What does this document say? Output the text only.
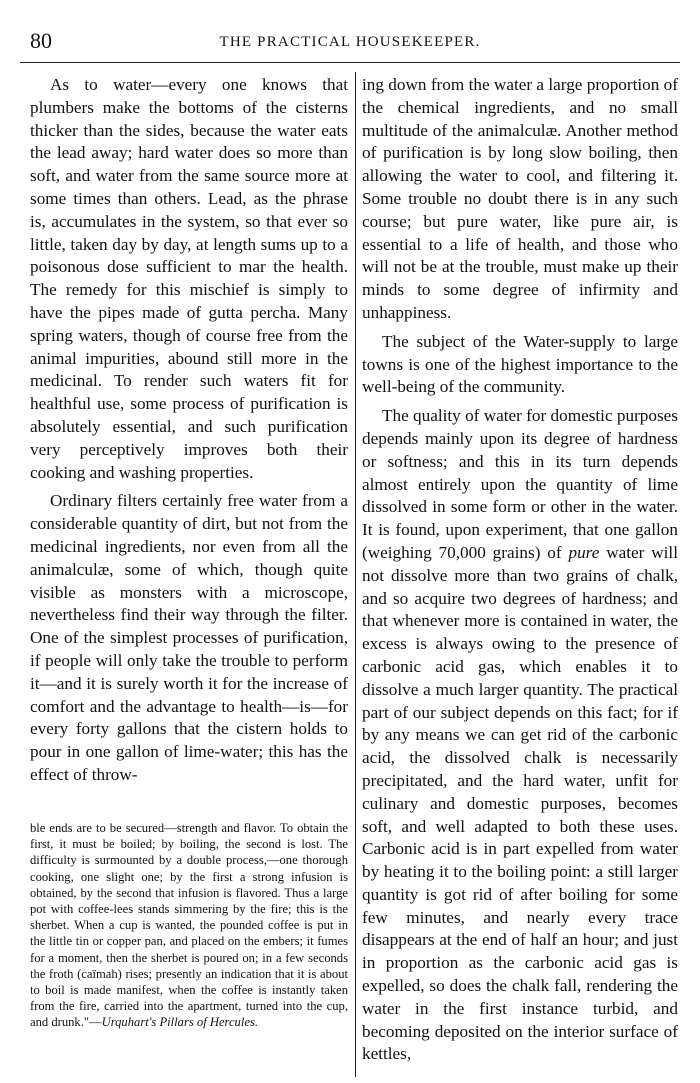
80	THE PRACTICAL HOUSEKEEPER.

As to water—every one knows that plumbers make the bottoms of the cisterns thicker than the sides, because the water eats the lead away; hard water does so more than soft, and water from the same source more at some times than others. Lead, as the phrase is, accumulates in the system, so that ever so little, taken day by day, at length sums up to a poisonous dose sufficient to mar the health. The remedy for this mischief is simply to have the pipes made of gutta percha. Many spring waters, though of course free from the animal impurities, abound still more in the medicinal. To render such waters fit for healthful use, some process of purification is absolutely essential, and such purification very perceptively improves both their cooking and washing properties.

Ordinary filters certainly free water from a considerable quantity of dirt, but not from the medicinal ingredients, nor even from all the animalculæ, some of which, though quite visible as monsters with a microscope, nevertheless find their way through the filter. One of the simplest processes of purification, if people will only take the trouble to perform it—and it is surely worth it for the increase of comfort and the advantage to health—is—for every forty gallons that the cistern holds to pour in one gallon of lime-water; this has the effect of throw-

ble ends are to be secured—strength and flavor. To obtain the first, it must be boiled; by boiling, the second is lost. The difficulty is surmounted by a double process,—one thorough cooking, one slight one; by the first a strong infusion is obtained, by the second that infusion is flavored. Thus a large pot with coffee-lees stands simmering by the fire; this is the sherbet. When a cup is wanted, the pounded coffee is put in the little tin or copper pan, and placed on the embers; it fumes for a moment, then the sherbet is poured on; in a few seconds the froth (caïmah) rises; presently an indication that it is about to boil is made manifest, when the coffee is instantly taken from the fire, carried into the apartment, turned into the cup, and drunk."—Urquhart's Pillars of Hercules.

ing down from the water a large proportion of the chemical ingredients, and no small multitude of the animalculæ. Another method of purification is by long slow boiling, then allowing the water to cool, and filtering it. Some trouble no doubt there is in any such course; but pure water, like pure air, is essential to a life of health, and those who will not be at the trouble, must make up their minds to some degree of infirmity and unhappiness.

The subject of the Water-supply to large towns is one of the highest importance to the well-being of the community.

The quality of water for domestic purposes depends mainly upon its degree of hardness or softness; and this in its turn depends almost entirely upon the quantity of lime dissolved in some form or other in the water. It is found, upon experiment, that one gallon (weighing 70,000 grains) of pure water will not dissolve more than two grains of chalk, and so acquire two degrees of hardness; and that whenever more is contained in water, the excess is always owing to the presence of carbonic acid gas, which enables it to dissolve a much larger quantity. The practical part of our subject depends on this fact; for if by any means we can get rid of the carbonic acid, the dissolved chalk is necessarily precipitated, and the hard water, unfit for culinary and domestic purposes, becomes soft, and well adapted to both these uses. Carbonic acid is in part expelled from water by heating it to the boiling point: a still larger quantity is got rid of after boiling for some few minutes, and nearly every trace disappears at the end of half an hour; and just in proportion as the carbonic acid gas is expelled, so does the chalk fall, rendering the water in the first instance turbid, and becoming deposited on the interior surface of kettles,
